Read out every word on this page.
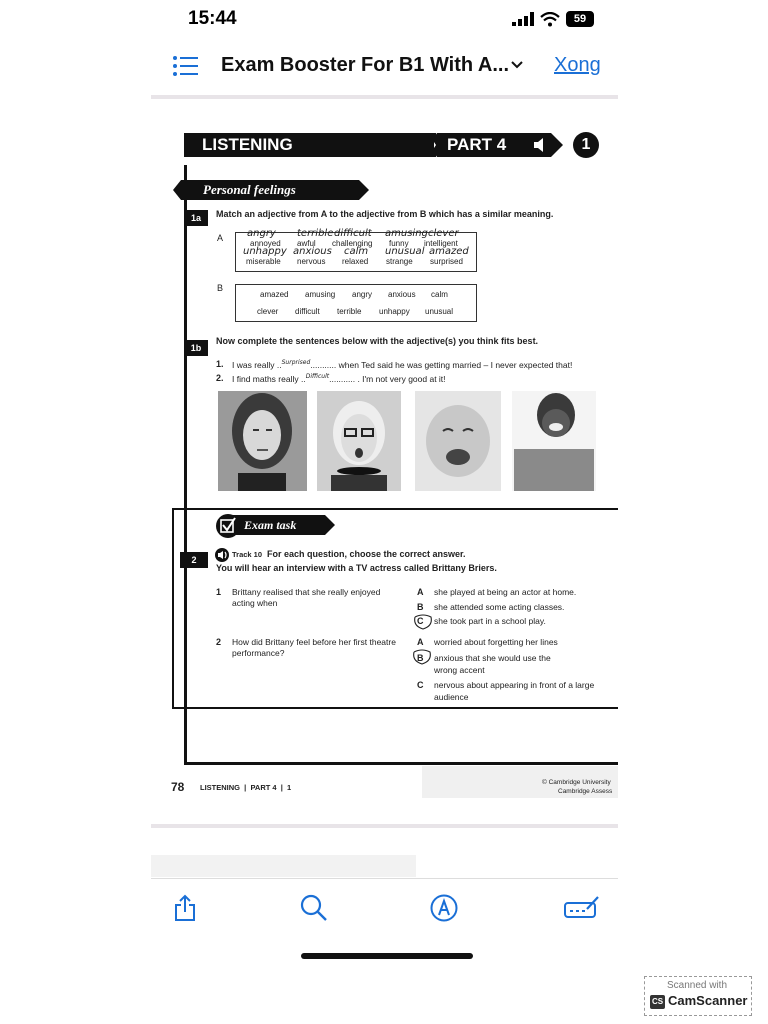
15:44	59
Exam Booster For B1 With A... Xong
LISTENING	PART 4	1
Personal feelings
1a	Match an adjective from A to the adjective from B which has a similar meaning.
A angry terrible difficult amusing clever
annoyed awful challenging funny intelligent
unhappy anxious calm unusual amazed
miserable nervous relaxed strange surprised
B
amazed amusing angry anxious calm
clever difficult terrible unhappy unusual
1b
Now complete the sentences below with the adjective(s) you think fits best.
1. I was really ..$^{Surprised}$........... when Ted said he was getting married – I never expected that!
2. I find maths really ..$^{Difficult}$........... . I'm not very good at it!
Exam task
2
Track 10 For each question, choose the correct answer.
You will hear an interview with a TV actress called Brittany Briers.
1 Brittany realised that she really enjoyed
acting when
A she played at being an actor at home.
B she attended some acting classes.
C she took part in a school play.
2 How did Brittany feel before her first theatre
performance?
A worried about forgetting her lines
B anxious that she would use the
wrong accent
C nervous about appearing in front of a large
audience
78 LISTENING  |  PART 4  |  1
© Cambridge University
Cambridge Assess
Scanned with
CS CamScanner
